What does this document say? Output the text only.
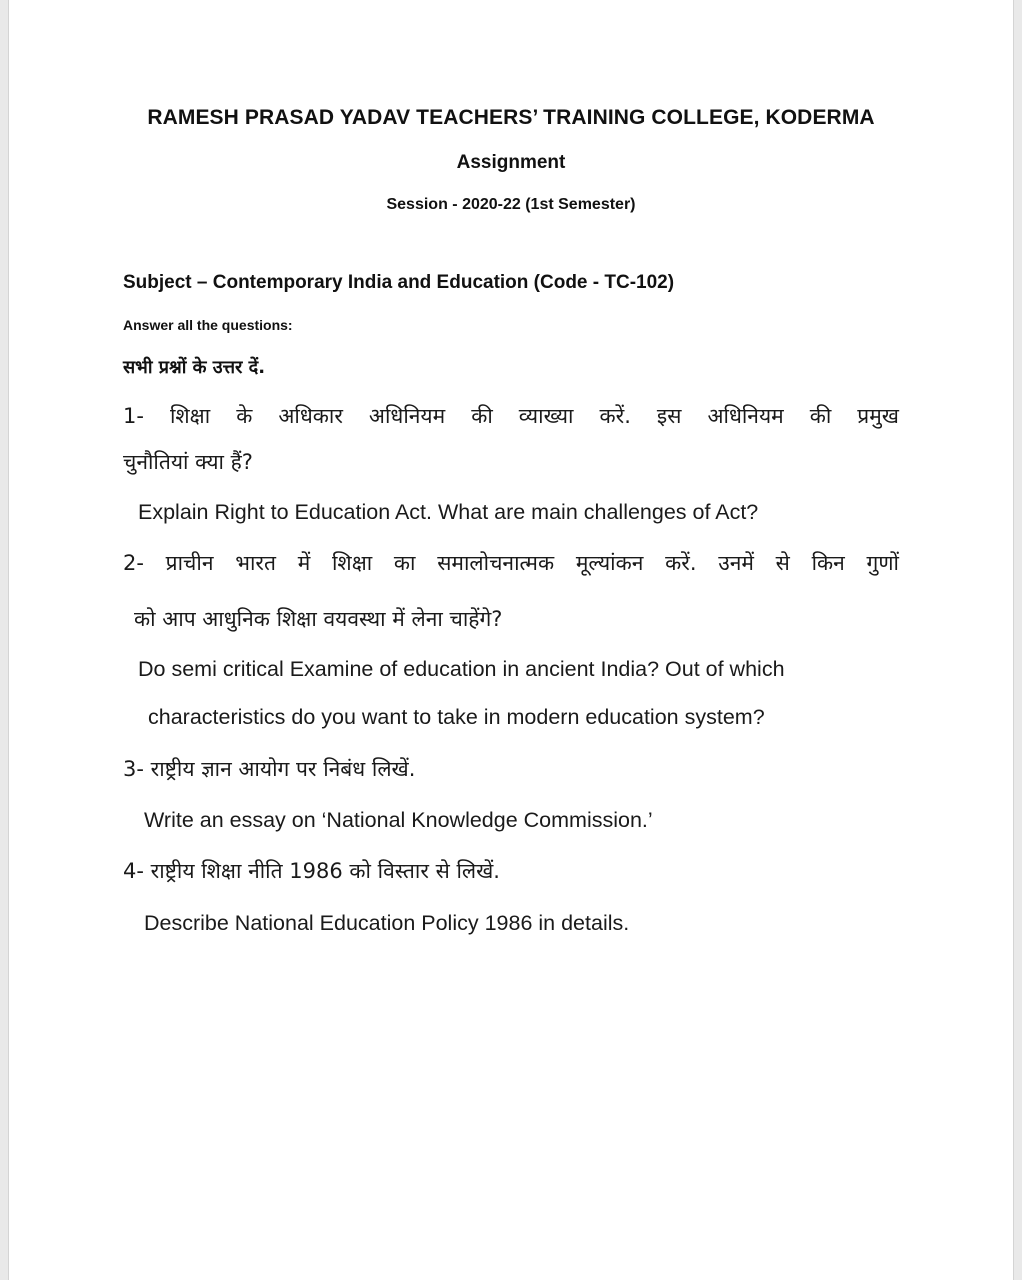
RAMESH PRASAD YADAV TEACHERS’ TRAINING COLLEGE, KODERMA
Assignment
Session - 2020-22 (1st Semester)
Subject – Contemporary India and Education (Code - TC-102)
Answer all the questions:
सभी प्रश्नों के उत्तर दें.
1- शिक्षा के अधिकार अधिनियम की व्याख्या करें. इस अधिनियम की प्रमुख
चुनौतियां क्या हैं?
Explain Right to Education Act. What are main challenges of Act?
2- प्राचीन भारत में शिक्षा का समालोचनात्मक मूल्यांकन करें. उनमें से किन गुणों
को आप आधुनिक शिक्षा वयवस्था में लेना चाहेंगे?
Do semi critical Examine of education in ancient India? Out of which
characteristics do you want to take in modern education system?
3- राष्ट्रीय ज्ञान आयोग पर निबंध लिखें.
Write an essay on ‘National Knowledge Commission.’
4- राष्ट्रीय शिक्षा नीति 1986 को विस्तार से लिखें.
Describe National Education Policy 1986 in details.
